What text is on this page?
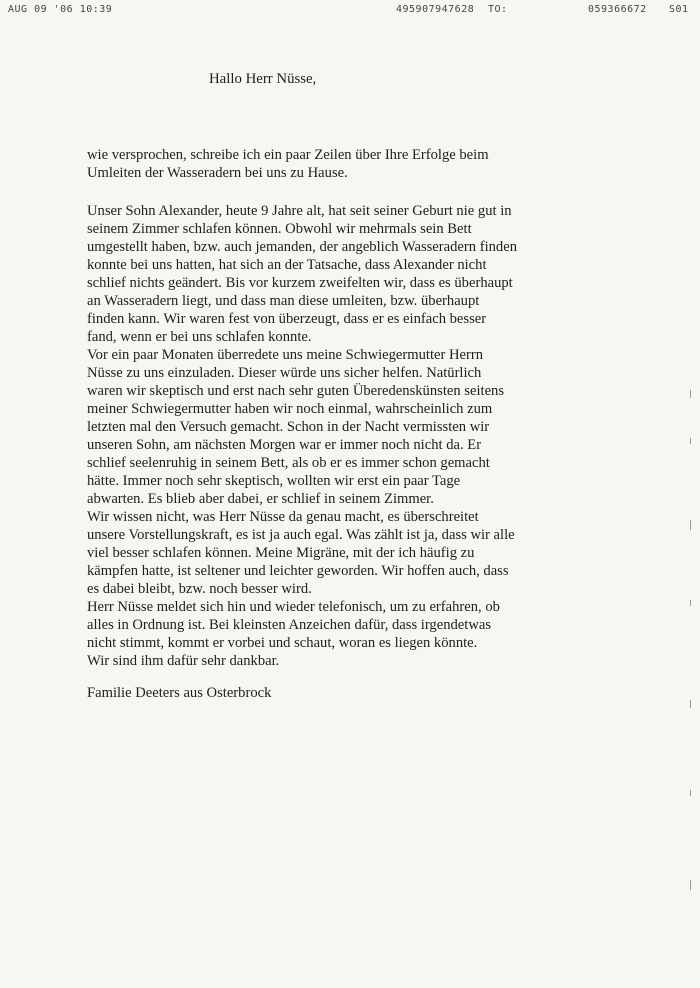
AUG 09 '06 10:39	495907947628 TO:	059366672 S01
Hallo Herr Nüsse,
wie versprochen, schreibe ich ein paar Zeilen über Ihre Erfolge beim
Umleiten der Wasseradern bei uns zu Hause.
Unser Sohn Alexander, heute 9 Jahre alt, hat seit seiner Geburt nie gut in
seinem Zimmer schlafen können. Obwohl wir mehrmals sein Bett
umgestellt haben, bzw. auch jemanden, der angeblich Wasseradern finden
konnte bei uns hatten, hat sich an der Tatsache, dass Alexander nicht
schlief nichts geändert. Bis vor kurzem zweifelten wir, dass es überhaupt
an Wasseradern liegt, und dass man diese umleiten, bzw. überhaupt
finden kann. Wir waren fest von überzeugt, dass er es einfach besser
fand, wenn er bei uns schlafen konnte.
Vor ein paar Monaten überredete uns meine Schwiegermutter Herrn
Nüsse zu uns einzuladen. Dieser würde uns sicher helfen. Natürlich
waren wir skeptisch und erst nach sehr guten Überedenskünsten seitens
meiner Schwiegermutter haben wir noch einmal, wahrscheinlich zum
letzten mal den Versuch gemacht. Schon in der Nacht vermissten wir
unseren Sohn, am nächsten Morgen war er immer noch nicht da. Er
schlief seelenruhig in seinem Bett, als ob er es immer schon gemacht
hätte. Immer noch sehr skeptisch, wollten wir erst ein paar Tage
abwarten. Es blieb aber dabei, er schlief in seinem Zimmer.
Wir wissen nicht, was Herr Nüsse da genau macht, es überschreitet
unsere Vorstellungskraft, es ist ja auch egal. Was zählt ist ja, dass wir alle
viel besser schlafen können. Meine Migräne, mit der ich häufig zu
kämpfen hatte, ist seltener und leichter geworden. Wir hoffen auch, dass
es dabei bleibt, bzw. noch besser wird.
Herr Nüsse meldet sich hin und wieder telefonisch, um zu erfahren, ob
alles in Ordnung ist. Bei kleinsten Anzeichen dafür, dass irgendetwas
nicht stimmt, kommt er vorbei und schaut, woran es liegen könnte.
Wir sind ihm dafür sehr dankbar.
Familie Deeters aus Osterbrock
